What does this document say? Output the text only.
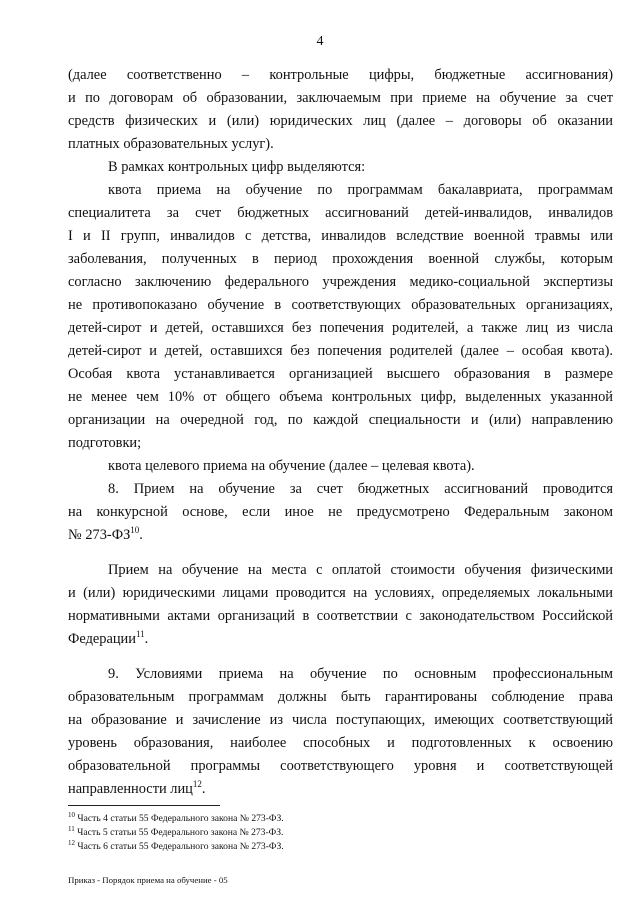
4
(далее соответственно – контрольные цифры, бюджетные ассигнования)
и по договорам об образовании, заключаемым при приеме на обучение за счет
средств физических и (или) юридических лиц (далее – договоры об оказании
платных образовательных услуг).
В рамках контрольных цифр выделяются:
квота приема на обучение по программам бакалавриата, программам
специалитета за счет бюджетных ассигнований детей-инвалидов, инвалидов
I и II групп, инвалидов с детства, инвалидов вследствие военной травмы или
заболевания, полученных в период прохождения военной службы, которым
согласно заключению федерального учреждения медико-социальной экспертизы
не противопоказано обучение в соответствующих образовательных организациях,
детей-сирот и детей, оставшихся без попечения родителей, а также лиц из числа
детей-сирот и детей, оставшихся без попечения родителей (далее – особая квота).
Особая квота устанавливается организацией высшего образования в размере
не менее чем 10% от общего объема контрольных цифр, выделенных указанной
организации на очередной год, по каждой специальности и (или) направлению
подготовки;
квота целевого приема на обучение (далее – целевая квота).
8. Прием на обучение за счет бюджетных ассигнований проводится
на конкурсной основе, если иное не предусмотрено Федеральным законом
№ 273-ФЗ$^{10}$.
Прием на обучение на места с оплатой стоимости обучения физическими
и (или) юридическими лицами проводится на условиях, определяемых локальными
нормативными актами организаций в соответствии с законодательством Российской
Федерации$^{11}$.
9. Условиями приема на обучение по основным профессиональным
образовательным программам должны быть гарантированы соблюдение права
на образование и зачисление из числа поступающих, имеющих соответствующий
уровень образования, наиболее способных и подготовленных к освоению
образовательной программы соответствующего уровня и соответствующей
направленности лиц$^{12}$.
$^{10}$ Часть 4 статьи 55 Федерального закона № 273-ФЗ.
$^{11}$ Часть 5 статьи 55 Федерального закона № 273-ФЗ.
$^{12}$ Часть 6 статьи 55 Федерального закона № 273-ФЗ.
Приказ - Порядок приема на обучение - 05
